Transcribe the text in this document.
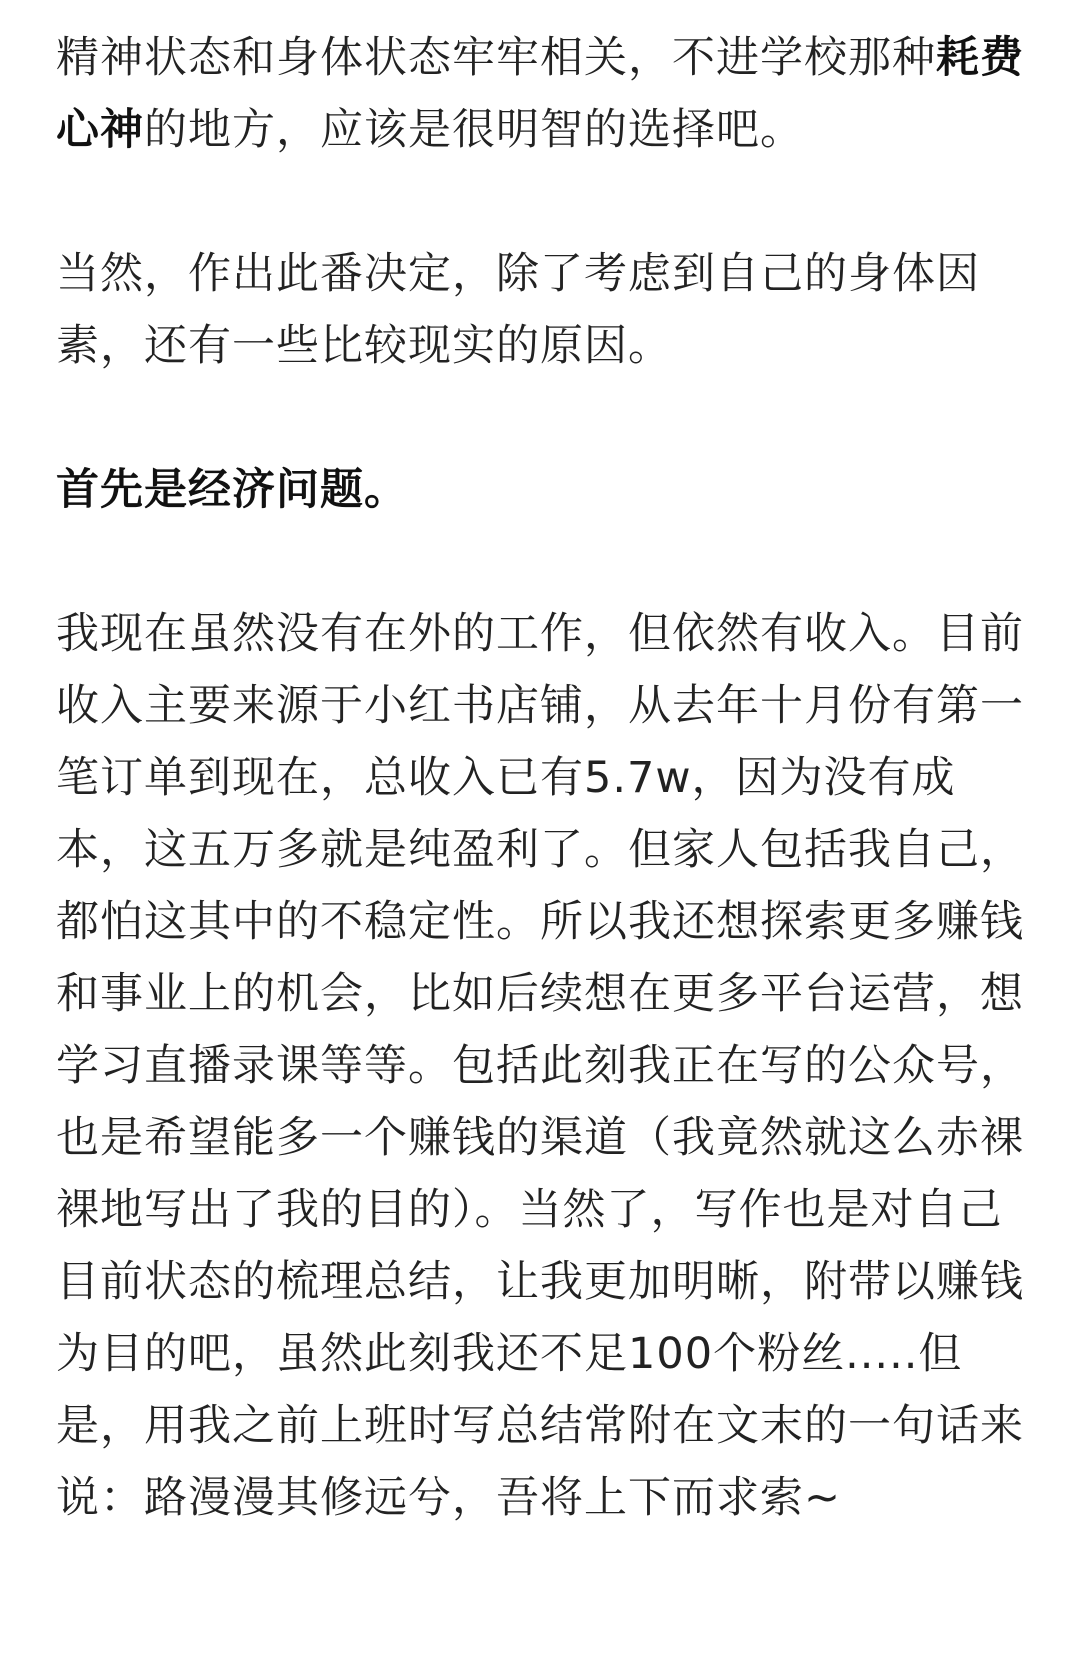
精神状态和身体状态牢牢相关，不进学校那种耗费心神的地方，应该是很明智的选择吧。

当然，作出此番决定，除了考虑到自己的身体因素，还有一些比较现实的原因。

首先是经济问题。

我现在虽然没有在外的工作，但依然有收入。目前收入主要来源于小红书店铺，从去年十月份有第一笔订单到现在，总收入已有5.7w，因为没有成本，这五万多就是纯盈利了。但家人包括我自己，都怕这其中的不稳定性。所以我还想探索更多赚钱和事业上的机会，比如后续想在更多平台运营，想学习直播录课等等。包括此刻我正在写的公众号，也是希望能多一个赚钱的渠道（我竟然就这么赤裸裸地写出了我的目的）。当然了，写作也是对自己目前状态的梳理总结，让我更加明晰，附带以赚钱为目的吧，虽然此刻我还不足100个粉丝.....但是，用我之前上班时写总结常附在文末的一句话来说：路漫漫其修远兮，吾将上下而求索~
